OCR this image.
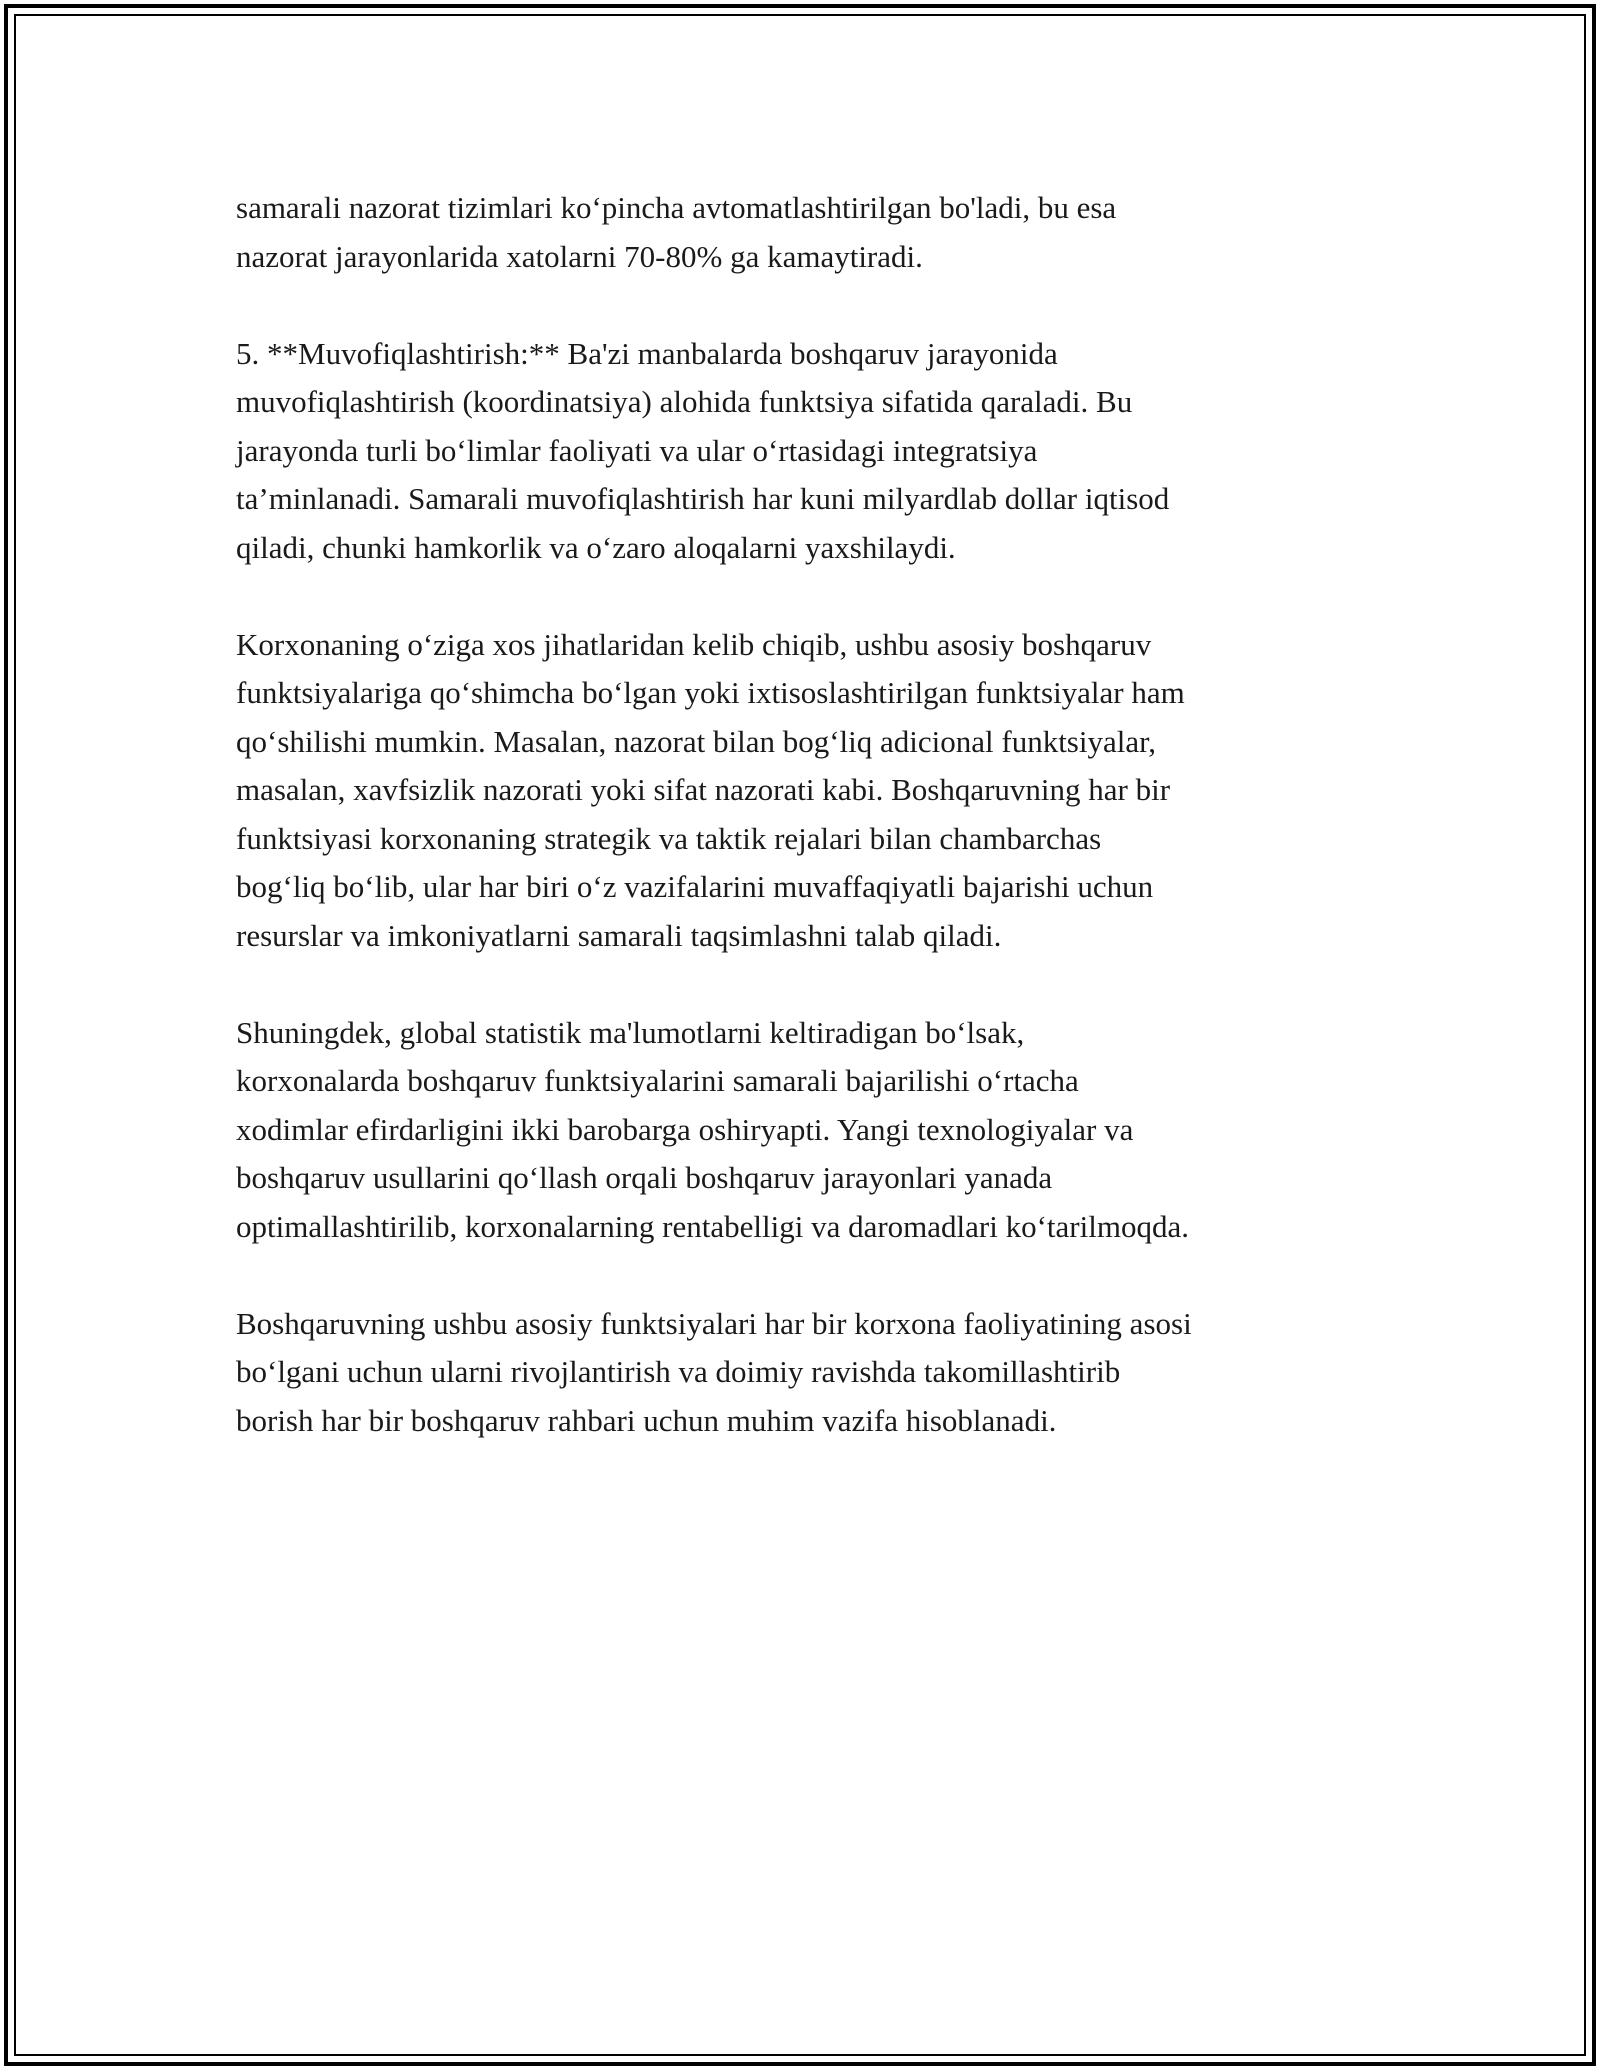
samarali nazorat tizimlari koʻpincha avtomatlashtirilgan bo'ladi, bu esa
nazorat jarayonlarida xatolarni 70-80% ga kamaytiradi.

5. **Muvofiqlashtirish:** Ba'zi manbalarda boshqaruv jarayonida
muvofiqlashtirish (koordinatsiya) alohida funktsiya sifatida qaraladi. Bu
jarayonda turli boʻlimlar faoliyati va ular oʻrtasidagi integratsiya
ta’minlanadi. Samarali muvofiqlashtirish har kuni milyardlab dollar iqtisod
qiladi, chunki hamkorlik va oʻzaro aloqalarni yaxshilaydi.

Korxonaning oʻziga xos jihatlaridan kelib chiqib, ushbu asosiy boshqaruv
funktsiyalariga qoʻshimcha boʻlgan yoki ixtisoslashtirilgan funktsiyalar ham
qoʻshilishi mumkin. Masalan, nazorat bilan bogʻliq adicional funktsiyalar,
masalan, xavfsizlik nazorati yoki sifat nazorati kabi. Boshqaruvning har bir
funktsiyasi korxonaning strategik va taktik rejalari bilan chambarchas
bogʻliq boʻlib, ular har biri oʻz vazifalarini muvaffaqiyatli bajarishi uchun
resurslar va imkoniyatlarni samarali taqsimlashni talab qiladi.

Shuningdek, global statistik ma'lumotlarni keltiradigan boʻlsak,
korxonalarda boshqaruv funktsiyalarini samarali bajarilishi oʻrtacha
xodimlar efirdarligini ikki barobarga oshiryapti. Yangi texnologiyalar va
boshqaruv usullarini qoʻllash orqali boshqaruv jarayonlari yanada
optimallashtirilib, korxonalarning rentabelligi va daromadlari koʻtarilmoqda.

Boshqaruvning ushbu asosiy funktsiyalari har bir korxona faoliyatining asosi
boʻlgani uchun ularni rivojlantirish va doimiy ravishda takomillashtirib
borish har bir boshqaruv rahbari uchun muhim vazifa hisoblanadi.
